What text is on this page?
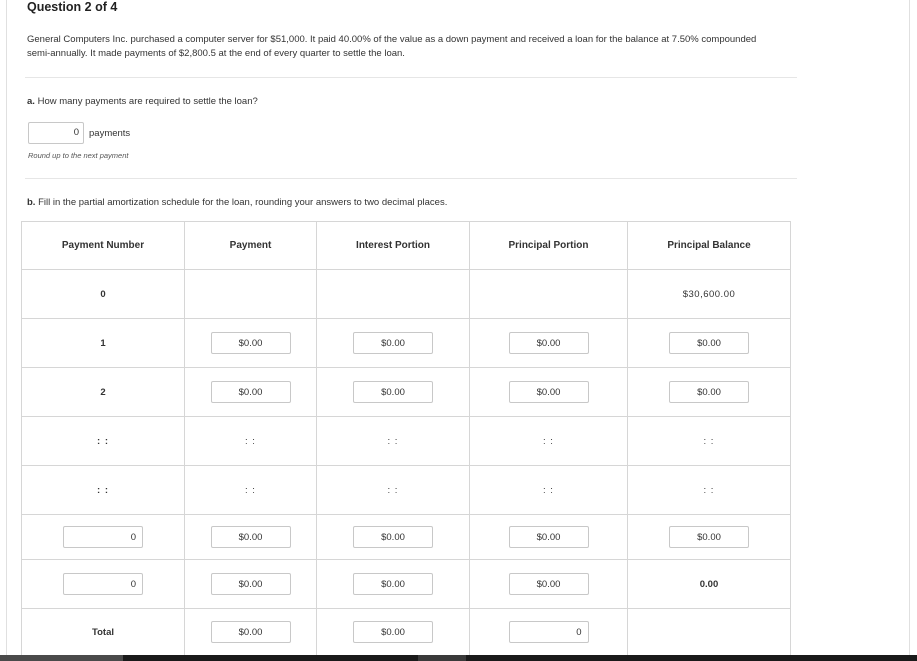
Question 2 of 4
General Computers Inc. purchased a computer server for $51,000. It paid 40.00% of the value as a down payment and received a loan for the balance at 7.50% compounded
semi-annually. It made payments of $2,800.5 at the end of every quarter to settle the loan.
a. How many payments are required to settle the loan?
0	payments
Round up to the next payment
b. Fill in the partial amortization schedule for the loan, rounding your answers to two decimal places.
Payment Number	Payment	Interest Portion	Principal Portion	Principal Balance
0				$30,600.00
1	$0.00	$0.00	$0.00	$0.00
2	$0.00	$0.00	$0.00	$0.00
: :	: :	: :	: :	: :
: :	: :	: :	: :	: :
0	$0.00	$0.00	$0.00	$0.00
0	$0.00	$0.00	$0.00	0.00
Total	$0.00	$0.00	0	
